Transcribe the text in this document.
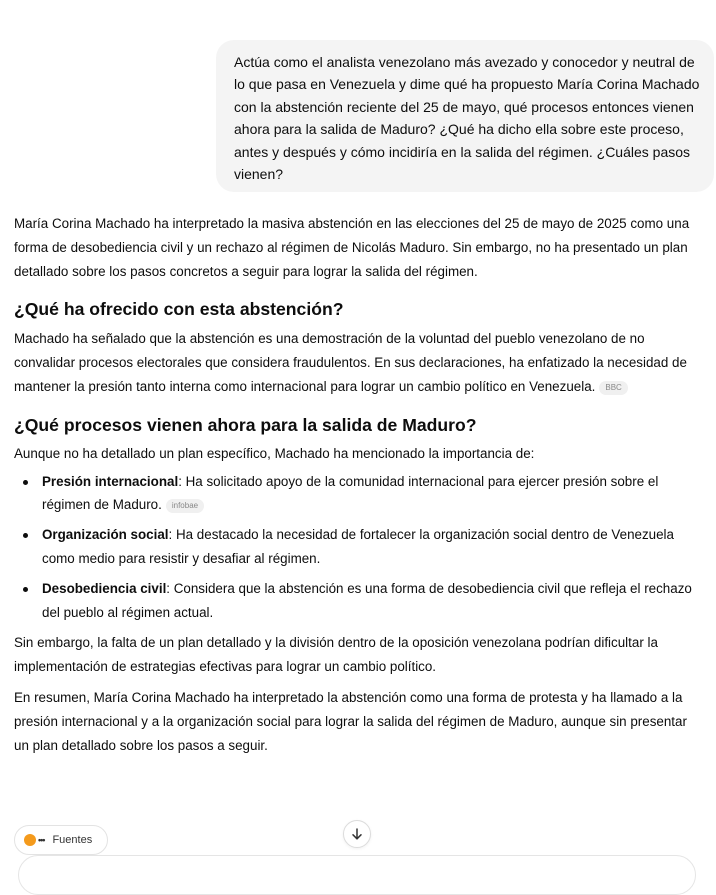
Actúa como el analista venezolano más avezado y conocedor y neutral de lo que pasa en Venezuela y dime qué ha propuesto María Corina Machado con la abstención reciente del 25 de mayo, qué procesos entonces vienen ahora para la salida de Maduro? ¿Qué ha dicho ella sobre este proceso, antes y después y cómo incidiría en la salida del régimen. ¿Cuáles pasos vienen?

María Corina Machado ha interpretado la masiva abstención en las elecciones del 25 de mayo de 2025 como una forma de desobediencia civil y un rechazo al régimen de Nicolás Maduro. Sin embargo, no ha presentado un plan detallado sobre los pasos concretos a seguir para lograr la salida del régimen.

¿Qué ha ofrecido con esta abstención?

Machado ha señalado que la abstención es una demostración de la voluntad del pueblo venezolano de no convalidar procesos electorales que considera fraudulentos. En sus declaraciones, ha enfatizado la necesidad de mantener la presión tanto interna como internacional para lograr un cambio político en Venezuela. BBC

¿Qué procesos vienen ahora para la salida de Maduro?

Aunque no ha detallado un plan específico, Machado ha mencionado la importancia de:

Presión internacional: Ha solicitado apoyo de la comunidad internacional para ejercer presión sobre el régimen de Maduro. infobae
Organización social: Ha destacado la necesidad de fortalecer la organización social dentro de Venezuela como medio para resistir y desafiar al régimen.
Desobediencia civil: Considera que la abstención es una forma de desobediencia civil que refleja el rechazo del pueblo al régimen actual.

Sin embargo, la falta de un plan detallado y la división dentro de la oposición venezolana podrían dificultar la implementación de estrategias efectivas para lograr un cambio político.

En resumen, María Corina Machado ha interpretado la abstención como una forma de protesta y ha llamado a la presión internacional y a la organización social para lograr la salida del régimen de Maduro, aunque sin presentar un plan detallado sobre los pasos a seguir.

••• Fuentes
